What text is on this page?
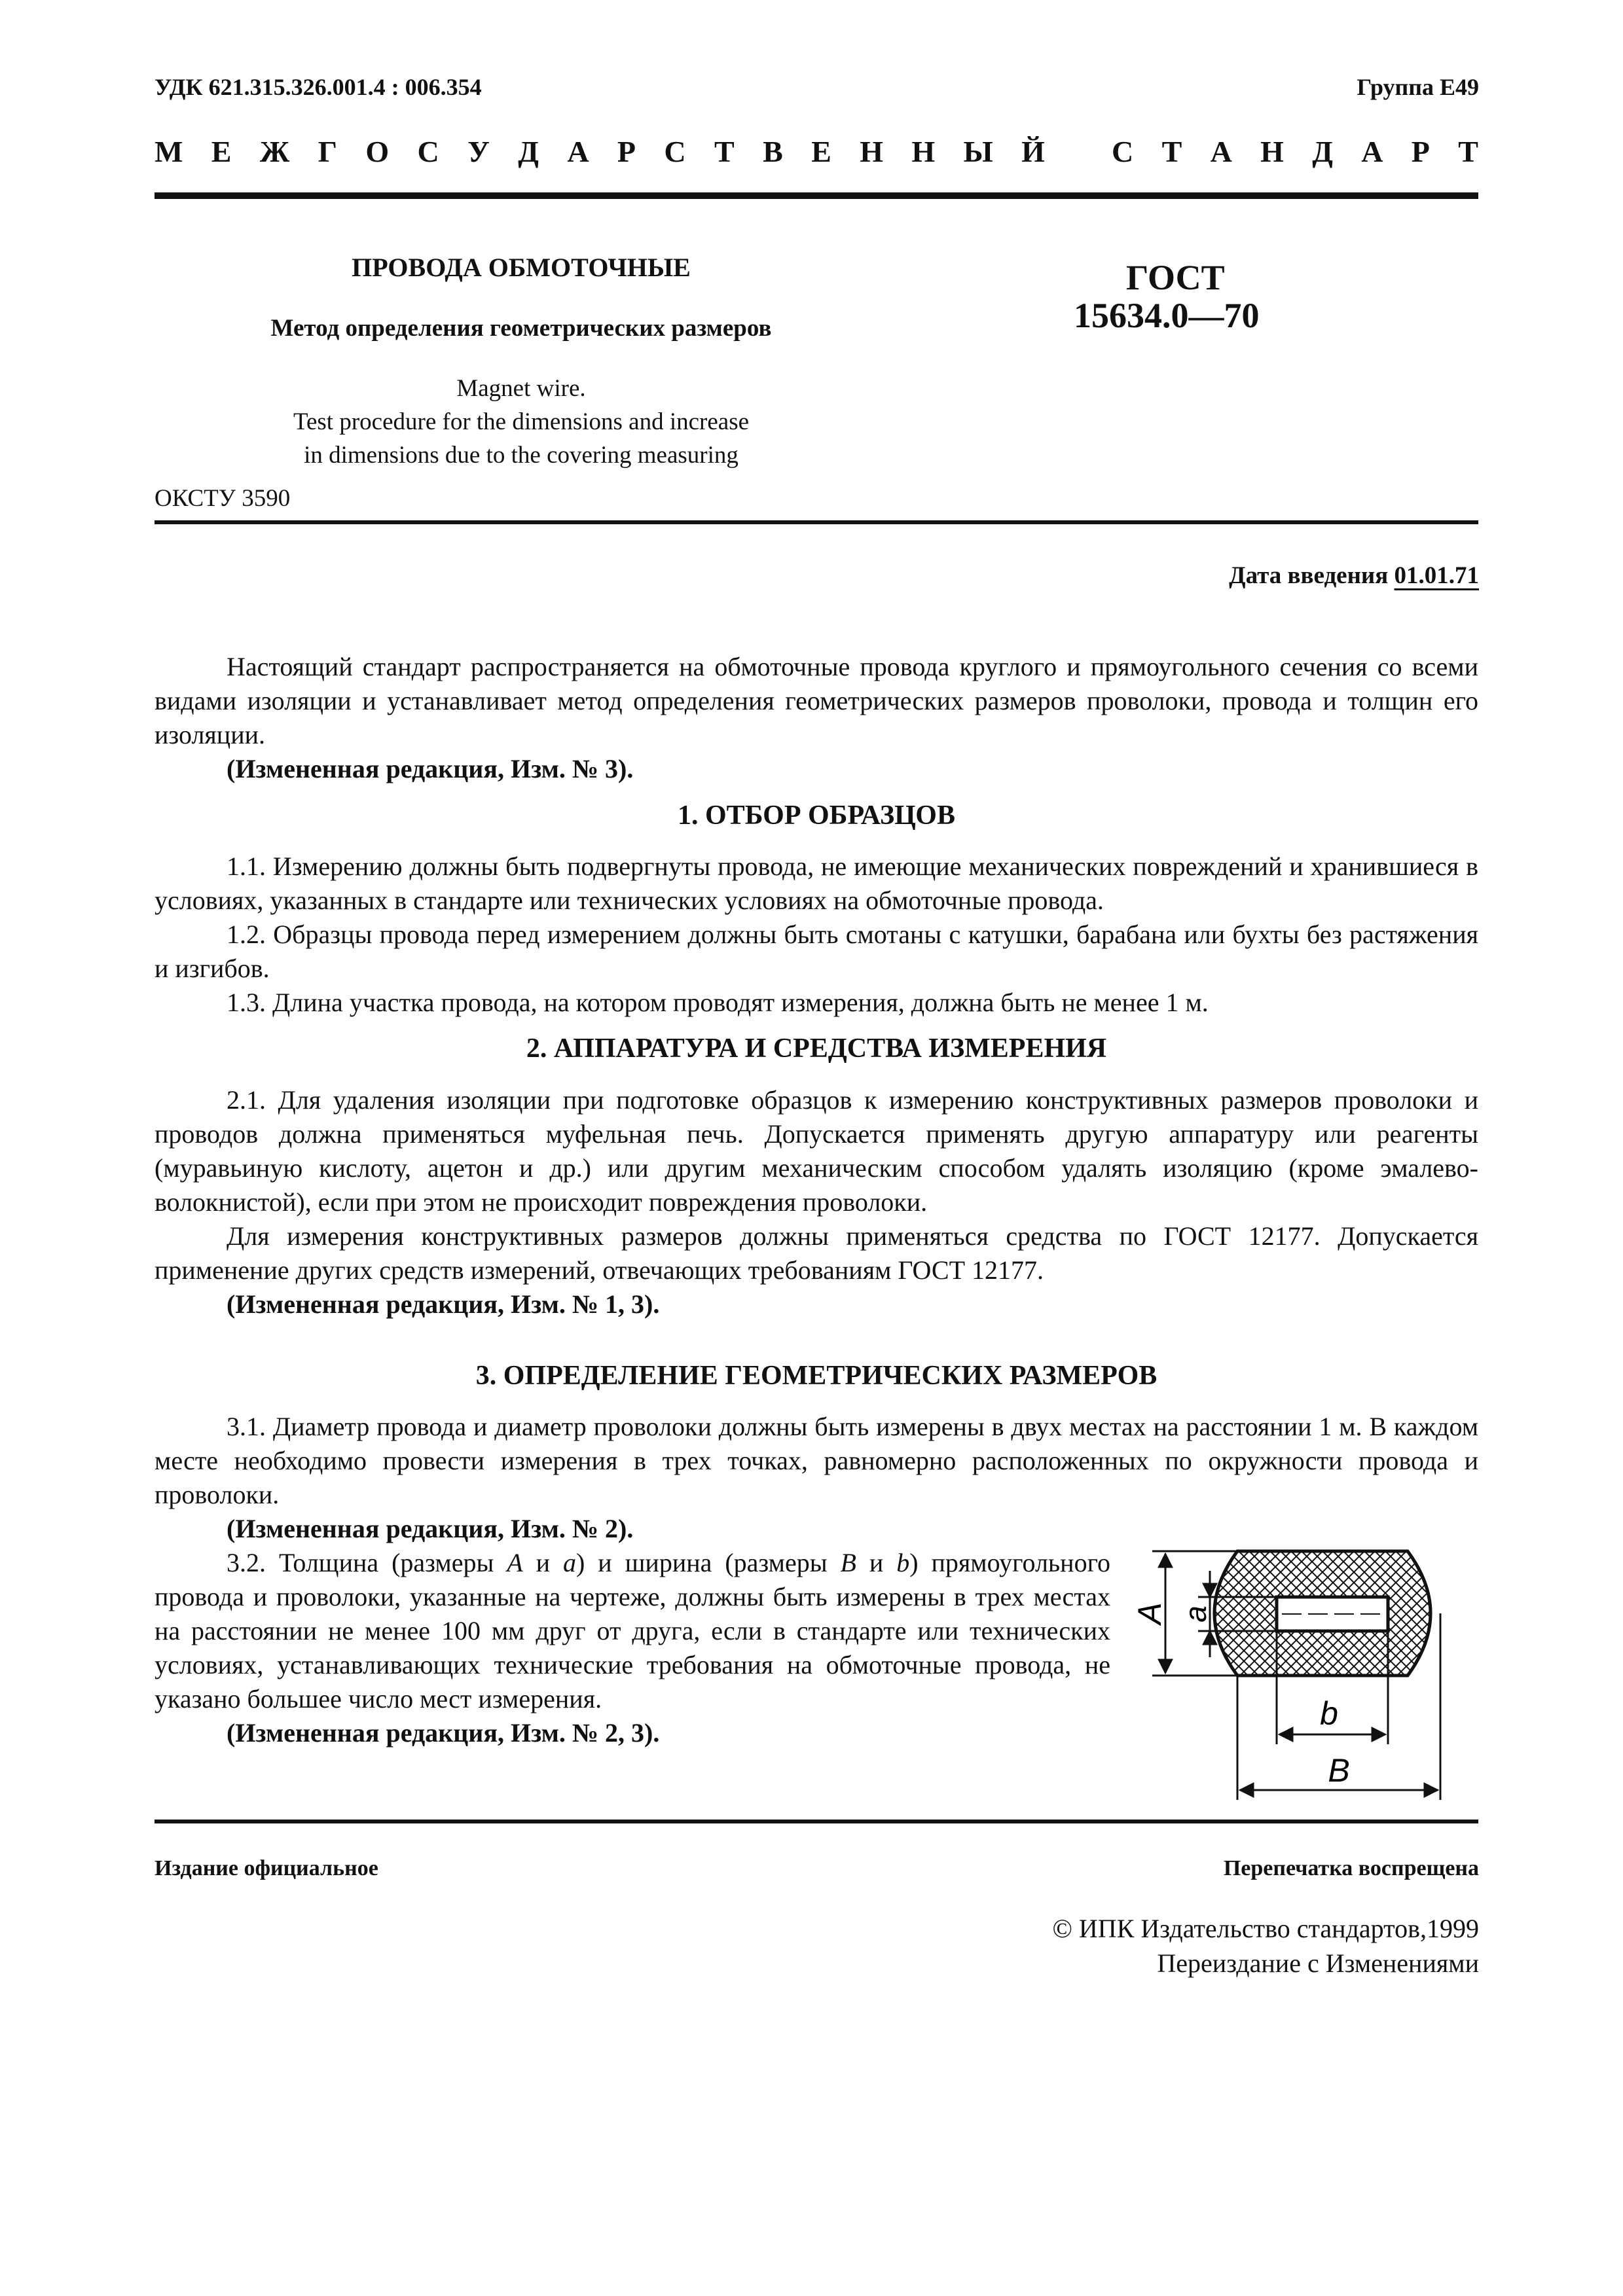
УДК 621.315.326.001.4 : 006.354	Группа Е49
М Е Ж Г О С У Д А Р С Т В Е Н Н Ы Й С Т А Н Д А Р Т
ПРОВОДА ОБМОТОЧНЫЕ
Метод определения геометрических размеров
Magnet wire.
Test procedure for the dimensions and increase
in dimensions due to the covering measuring
ГОСТ
15634.0—70
ОКСТУ 3590
Дата введения 01.01.71

Настоящий стандарт распространяется на обмоточные провода круглого и прямоугольного сечения со всеми видами изоляции и устанавливает метод определения геометрических размеров проволоки, провода и толщин его изоляции.

(Измененная редакция, Изм. № 3).

1. ОТБОР ОБРАЗЦОВ

1.1. Измерению должны быть подвергнуты провода, не имеющие механических повреждений и хранившиеся в условиях, указанных в стандарте или технических условиях на обмоточные провода.

1.2. Образцы провода перед измерением должны быть смотаны с катушки, барабана или бухты без растяжения и изгибов.

1.3. Длина участка провода, на котором проводят измерения, должна быть не менее 1 м.

2. АППАРАТУРА И СРЕДСТВА ИЗМЕРЕНИЯ

2.1. Для удаления изоляции при подготовке образцов к измерению конструктивных размеров проволоки и проводов должна применяться муфельная печь. Допускается применять другую аппаратуру или реагенты (муравьиную кислоту, ацетон и др.) или другим механическим способом удалять изоляцию (кроме эмалево-волокнистой), если при этом не происходит повреждения проволоки.

Для измерения конструктивных размеров должны применяться средства по ГОСТ 12177. Допускается применение других средств измерений, отвечающих требованиям ГОСТ 12177.

(Измененная редакция, Изм. № 1, 3).

3. ОПРЕДЕЛЕНИЕ ГЕОМЕТРИЧЕСКИХ РАЗМЕРОВ

3.1. Диаметр провода и диаметр проволоки должны быть измерены в двух местах на расстоянии 1 м. В каждом месте необходимо провести измерения в трех точках, равномерно расположенных по окружности провода и проволоки.

(Измененная редакция, Изм. № 2).

3.2. Толщина (размеры A и a) и ширина (размеры B и b) прямоугольного провода и проволоки, указанные на чертеже, должны быть измерены в трех местах на расстоянии не менее 100 мм друг от друга, если в стандарте или технических условиях, устанавливающих технические требования на обмоточные провода, не указано большее число мест измерения.

(Измененная редакция, Изм. № 2, 3).

A a
b
B
Издание официальное	Перепечатка воспрещена
© ИПК Издательство стандартов,1999
Переиздание с Изменениями
